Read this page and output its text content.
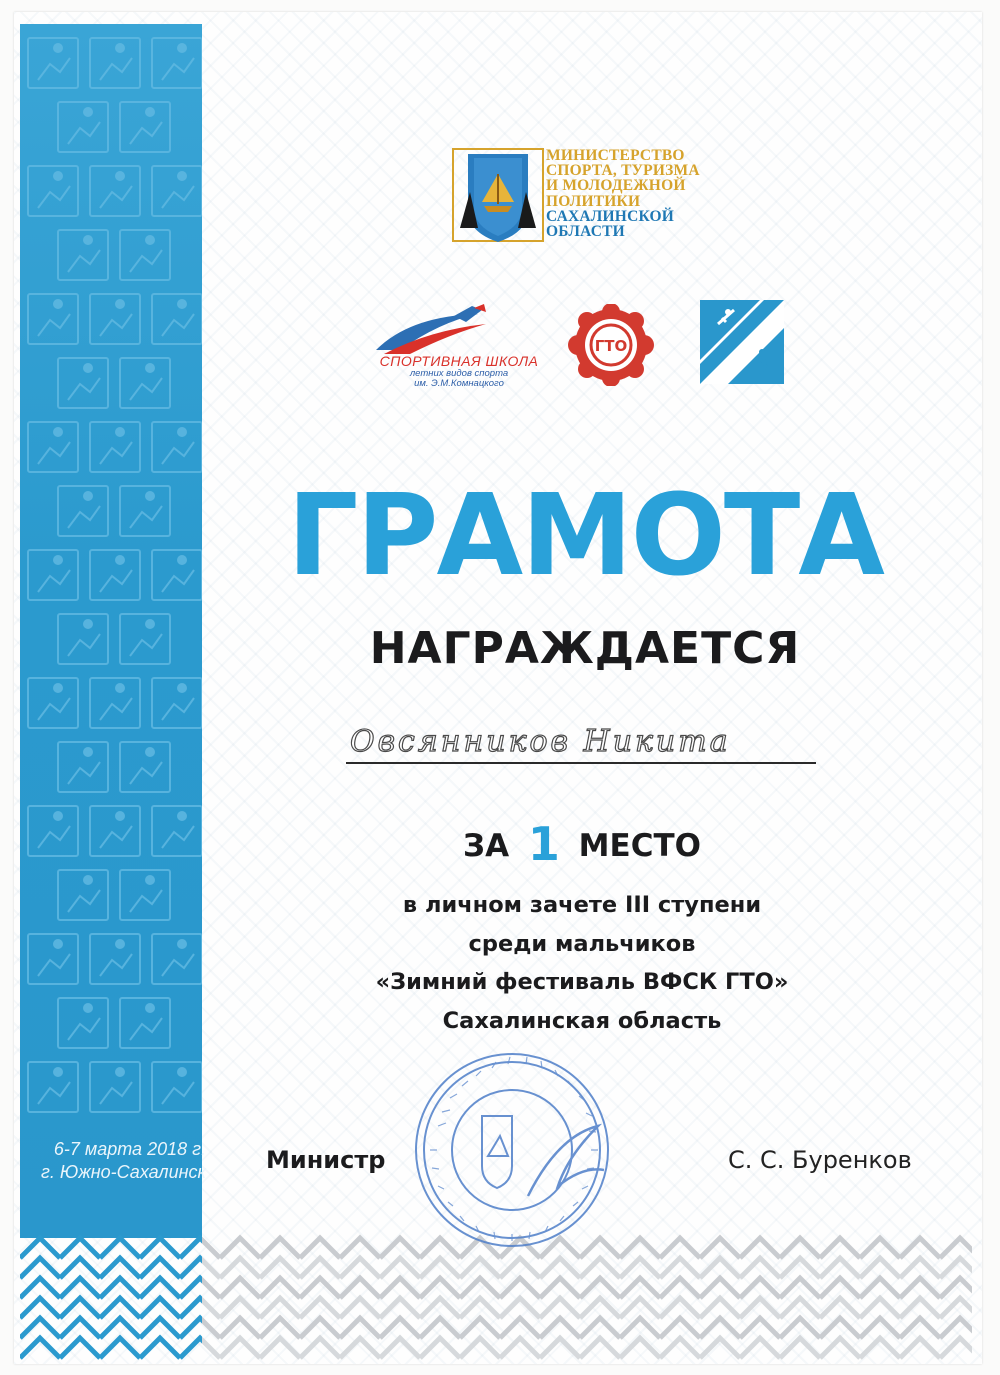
6-7 марта 2018 г.
г. Южно-Сахалинск
МИНИСТЕРСТВО
СПОРТА, ТУРИЗМА
И МОЛОДЕЖНОЙ
ПОЛИТИКИ
САХАЛИНСКОЙ
ОБЛАСТИ
СПОРТИВНАЯ ШКОЛА
летних видов спорта
им. Э.М.Комнацкого
ГТО
ГРАМОТА
НАГРАЖДАЕТСЯ
Овсянников Никита
ЗА 1 МЕСТО
в личном зачете III ступени
среди мальчиков
«Зимний фестиваль ВФСК ГТО»
Сахалинская область
Министр	С. С. Буренков
